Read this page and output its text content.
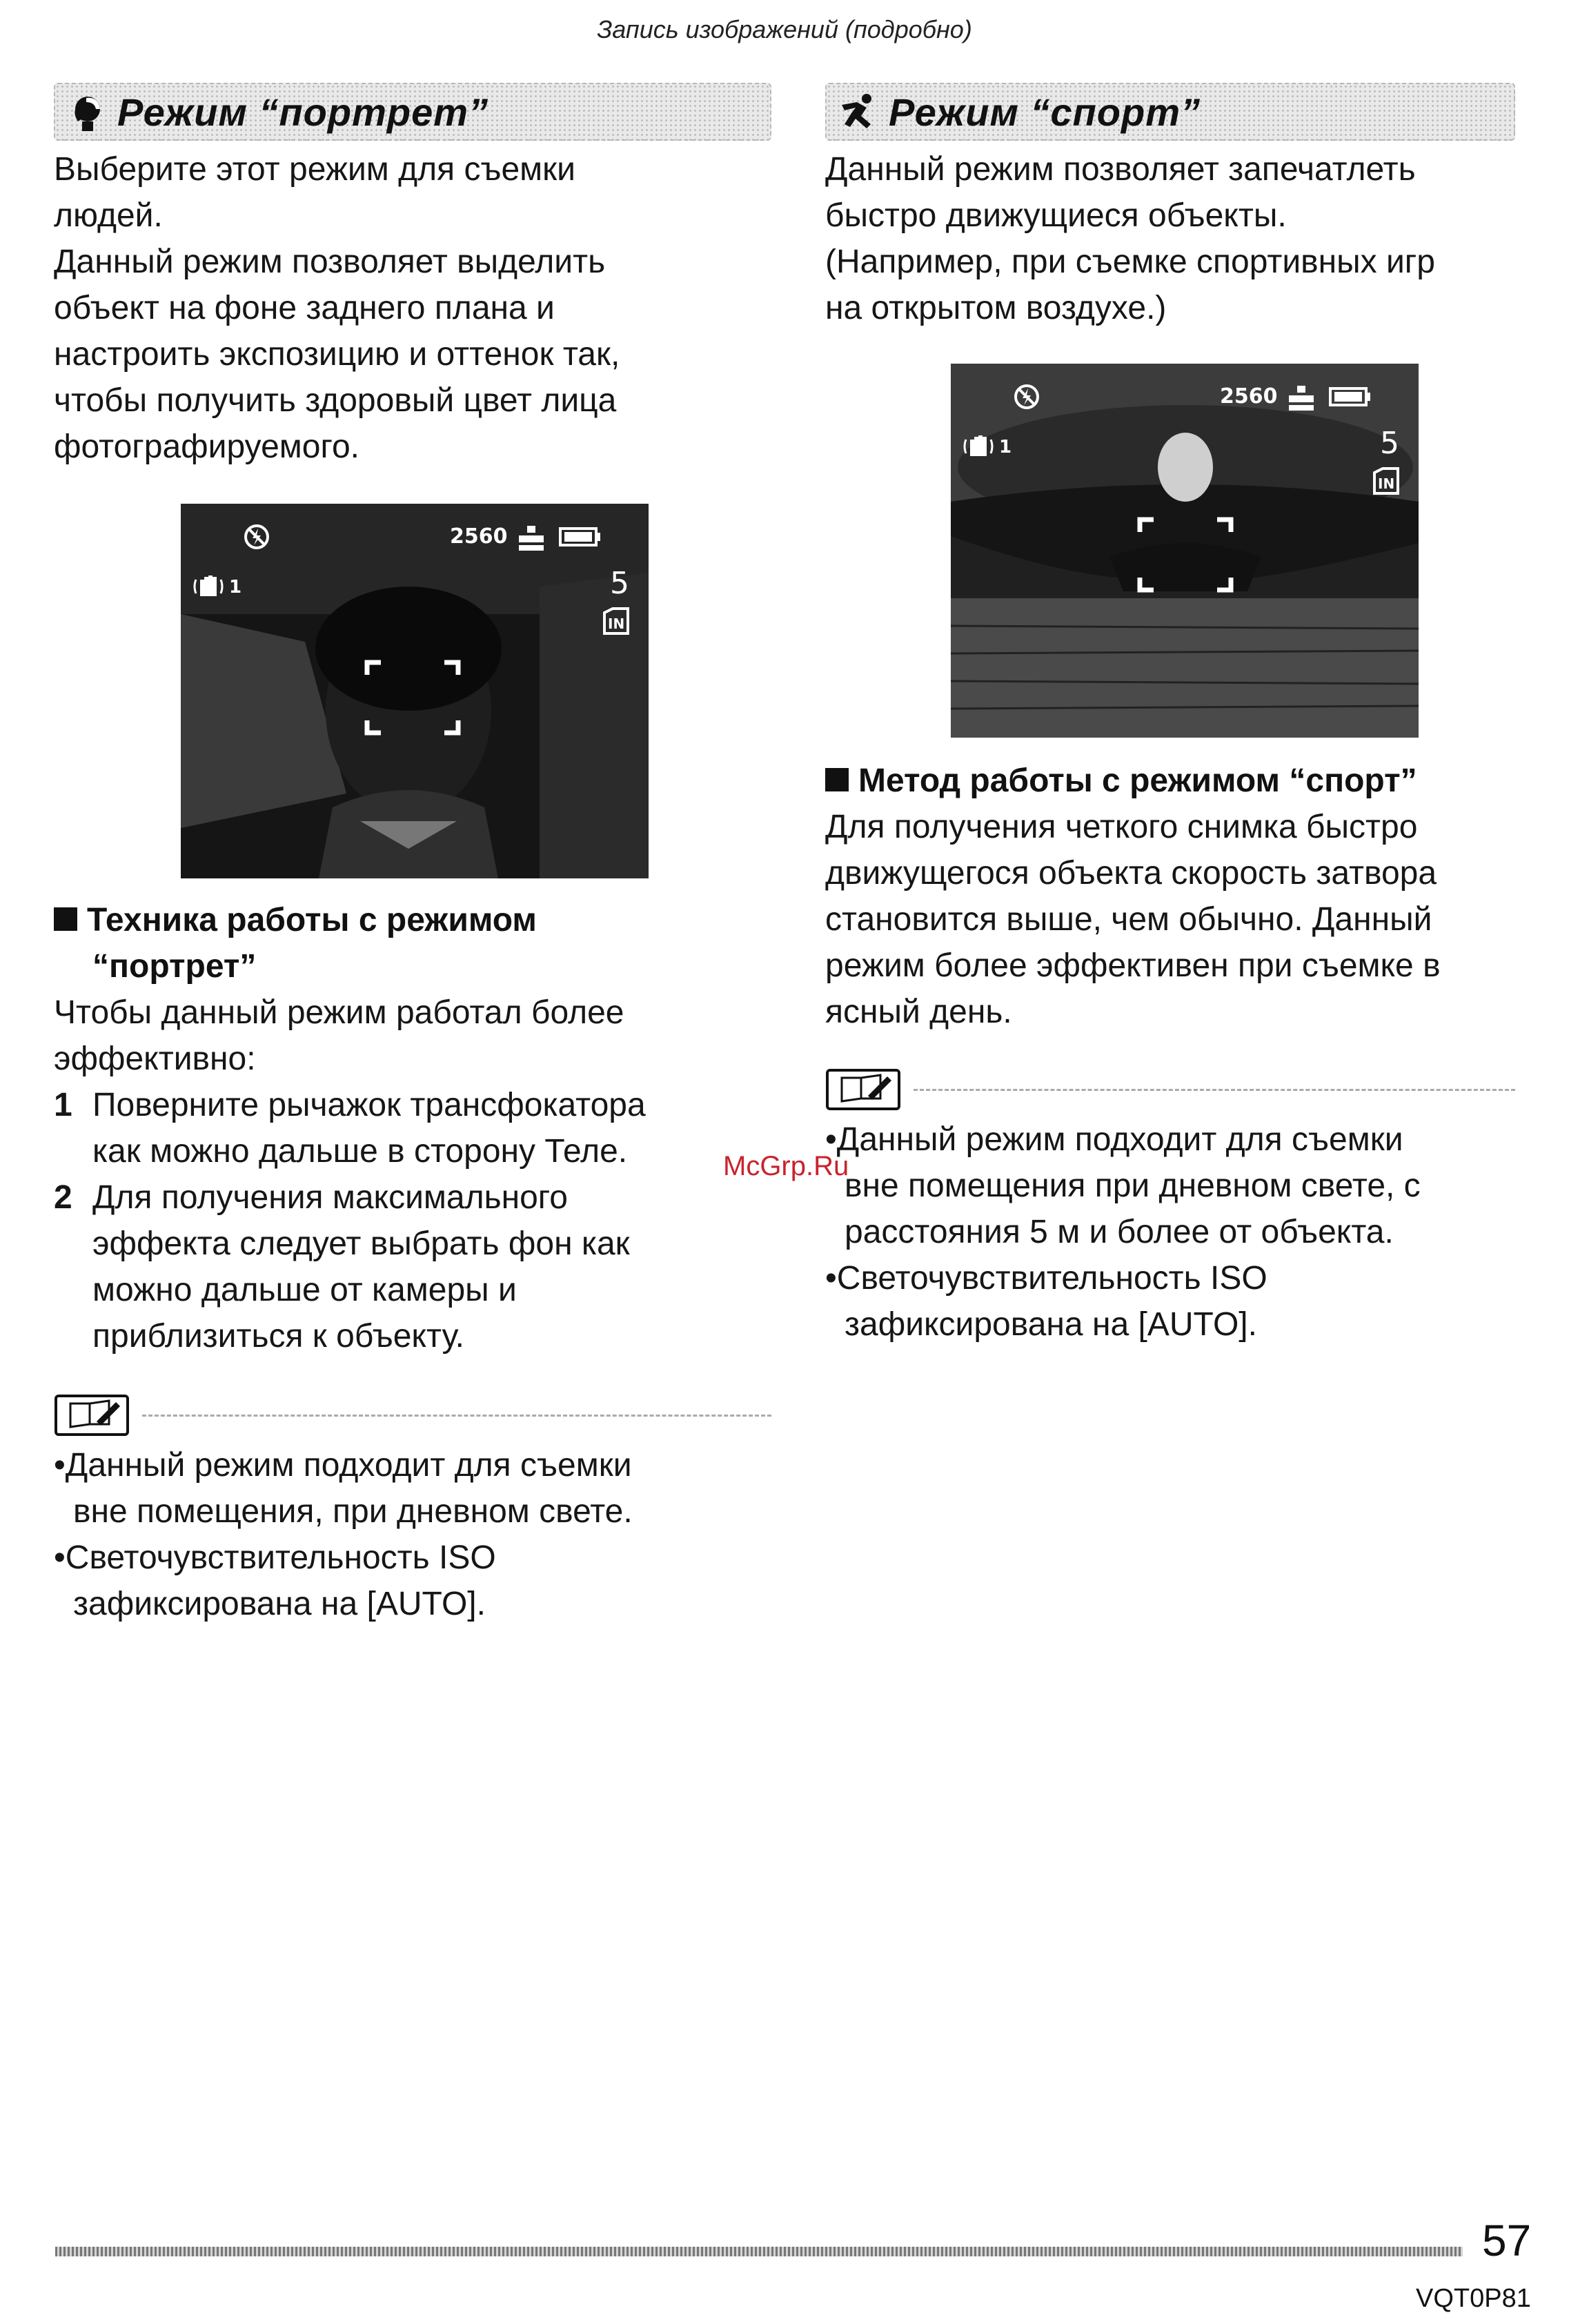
Запись изображений (подробно)
Режим “портрет”

Выберите этот режим для съемки

людей.

Данный режим позволяет выделить

объект на фоне заднего плана и

настроить экспозицию и оттенок так,

чтобы получить здоровый цвет лица

фотографируемого.

2560
1	5
IN

Техника работы с режимом

“портрет”

Чтобы данный режим работал более

эффективно:

1 Поверните рычажок трансфокатора

как можно дальше в сторону Теле.

2 Для получения максимального

эффекта следует выбрать фон как

можно дальше от камеры и

приблизиться к объекту.

•Данный режим подходит для съемки

вне помещения, при дневном свете.

•Светочувствительность ISO

зафиксирована на [AUTO].

Режим “спорт”

Данный режим позволяет запечатлеть

быстро движущиеся объекты.

(Например, при съемке спортивных игр

на открытом воздухе.)

2560
1	5
IN

Метод работы с режимом “спорт”

Для получения четкого снимка быстро

движущегося объекта скорость затвора

становится выше, чем обычно. Данный

режим более эффективен при съемке в

ясный день.

•Данный режим подходит для съемки

вне помещения при дневном свете, с

расстояния 5 м и более от объекта.

•Светочувствительность ISO

зафиксирована на [AUTO].

McGrp.Ru
57
VQT0P81
